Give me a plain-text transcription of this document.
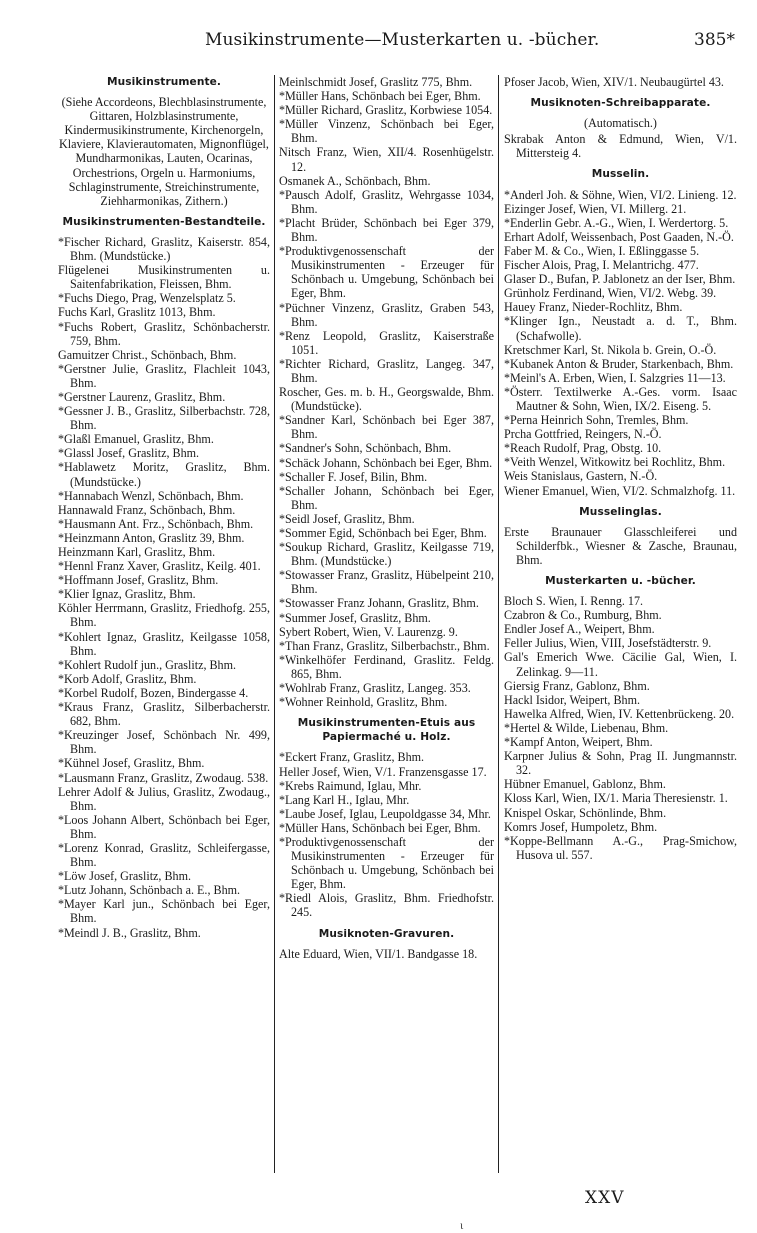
Musikinstrumente—Musterkarten u. -bücher.	385*
Musikinstrumente.
(Siehe Accordeons, Blechblasinstrumente, Gittaren, Holzblasinstrumente, Kindermusikinstrumente, Kirchenorgeln, Klaviere, Klavierautomaten, Mignonflügel, Mundharmonikas, Lauten, Ocarinas, Orchestrions, Orgeln u. Harmoniums, Schlaginstrumente, Streichinstrumente, Ziehharmonikas, Zithern.)
Musikinstrumenten-Bestandteile.
*Fischer Richard, Graslitz, Kaiserstr. 854, Bhm. (Mundstücke.)
Flügelenei Musikinstrumenten u. Saitenfabrikation, Fleissen, Bhm.
*Fuchs Diego, Prag, Wenzelsplatz 5.
Fuchs Karl, Graslitz 1013, Bhm.
*Fuchs Robert, Graslitz, Schönbacherstr. 759, Bhm.
Gamuitzer Christ., Schönbach, Bhm.
*Gerstner Julie, Graslitz, Flachleit 1043, Bhm.
*Gerstner Laurenz, Graslitz, Bhm.
*Gessner J. B., Graslitz, Silberbachstr. 728, Bhm.
*Glaßl Emanuel, Graslitz, Bhm.
*Glassl Josef, Graslitz, Bhm.
*Hablawetz Moritz, Graslitz, Bhm. (Mundstücke.)
*Hannabach Wenzl, Schönbach, Bhm.
Hannawald Franz, Schönbach, Bhm.
*Hausmann Ant. Frz., Schönbach, Bhm.
*Heinzmann Anton, Graslitz 39, Bhm.
Heinzmann Karl, Graslitz, Bhm.
*Hennl Franz Xaver, Graslitz, Keilg. 401.
*Hoffmann Josef, Graslitz, Bhm.
*Klier Ignaz, Graslitz, Bhm.
Köhler Herrmann, Graslitz, Friedhofg. 255, Bhm.
*Kohlert Ignaz, Graslitz, Keilgasse 1058, Bhm.
*Kohlert Rudolf jun., Graslitz, Bhm.
*Korb Adolf, Graslitz, Bhm.
*Korbel Rudolf, Bozen, Bindergasse 4.
*Kraus Franz, Graslitz, Silberbacherstr. 682, Bhm.
*Kreuzinger Josef, Schönbach Nr. 499, Bhm.
*Kühnel Josef, Graslitz, Bhm.
*Lausmann Franz, Graslitz, Zwodaug. 538.
Lehrer Adolf & Julius, Graslitz, Zwodaug., Bhm.
*Loos Johann Albert, Schönbach bei Eger, Bhm.
*Lorenz Konrad, Graslitz, Schleifergasse, Bhm.
*Löw Josef, Graslitz, Bhm.
*Lutz Johann, Schönbach a. E., Bhm.
*Mayer Karl jun., Schönbach bei Eger, Bhm.
*Meindl J. B., Graslitz, Bhm.
Meinlschmidt Josef, Graslitz 775, Bhm.
*Müller Hans, Schönbach bei Eger, Bhm.
*Müller Richard, Graslitz, Korbwiese 1054.
*Müller Vinzenz, Schönbach bei Eger, Bhm.
Nitsch Franz, Wien, XII/4. Rosenhügelstr. 12.
Osmanek A., Schönbach, Bhm.
*Pausch Adolf, Graslitz, Wehrgasse 1034, Bhm.
*Placht Brüder, Schönbach bei Eger 379, Bhm.
*Produktivgenossenschaft der Musikinstrumenten - Erzeuger für Schönbach u. Umgebung, Schönbach bei Eger, Bhm.
*Püchner Vinzenz, Graslitz, Graben 543, Bhm.
*Renz Leopold, Graslitz, Kaiserstraße 1051.
*Richter Richard, Graslitz, Langeg. 347, Bhm.
Roscher, Ges. m. b. H., Georgswalde, Bhm. (Mundstücke).
*Sandner Karl, Schönbach bei Eger 387, Bhm.
*Sandner's Sohn, Schönbach, Bhm.
*Schäck Johann, Schönbach bei Eger, Bhm.
*Schaller F. Josef, Bilin, Bhm.
*Schaller Johann, Schönbach bei Eger, Bhm.
*Seidl Josef, Graslitz, Bhm.
*Sommer Egid, Schönbach bei Eger, Bhm.
*Soukup Richard, Graslitz, Keilgasse 719, Bhm. (Mundstücke.)
*Stowasser Franz, Graslitz, Hübelpeint 210, Bhm.
*Stowasser Franz Johann, Graslitz, Bhm.
*Summer Josef, Graslitz, Bhm.
Sybert Robert, Wien, V. Laurenzg. 9.
*Than Franz, Graslitz, Silberbachstr., Bhm.
*Winkelhöfer Ferdinand, Graslitz. Feldg. 865, Bhm.
*Wohlrab Franz, Graslitz, Langeg. 353.
*Wohner Reinhold, Graslitz, Bhm.
Musikinstrumenten-Etuis aus Papiermaché u. Holz.
*Eckert Franz, Graslitz, Bhm.
Heller Josef, Wien, V/1. Franzensgasse 17.
*Krebs Raimund, Iglau, Mhr.
*Lang Karl H., Iglau, Mhr.
*Laube Josef, Iglau, Leupoldgasse 34, Mhr.
*Müller Hans, Schönbach bei Eger, Bhm.
*Produktivgenossenschaft der Musikinstrumenten - Erzeuger für Schönbach u. Umgebung, Schönbach bei Eger, Bhm.
*Riedl Alois, Graslitz, Bhm. Friedhofstr. 245.
Musiknoten-Gravuren.
Alte Eduard, Wien, VII/1. Bandgasse 18.
Pfoser Jacob, Wien, XIV/1. Neubaugürtel 43.
Musiknoten-Schreibapparate.
(Automatisch.)
Skrabak Anton & Edmund, Wien, V/1. Mittersteig 4.
Musselin.
*Anderl Joh. & Söhne, Wien, VI/2. Linieng. 12.
Eizinger Josef, Wien, VI. Millerg. 21.
*Enderlin Gebr. A.-G., Wien, I. Werdertorg. 5.
Erhart Adolf, Weissenbach, Post Gaaden, N.-Ö.
Faber M. & Co., Wien, I. Eßlinggasse 5.
Fischer Alois, Prag, I. Melantrichg. 477.
Glaser D., Bufan, P. Jablonetz an der Iser, Bhm.
Grünholz Ferdinand, Wien, VI/2. Webg. 39.
Hauey Franz, Nieder-Rochlitz, Bhm.
*Klinger Ign., Neustadt a. d. T., Bhm. (Schafwolle).
Kretschmer Karl, St. Nikola b. Grein, O.-Ö.
*Kubanek Anton & Bruder, Starkenbach, Bhm.
*Meinl's A. Erben, Wien, I. Salzgries 11—13.
*Österr. Textilwerke A.-Ges. vorm. Isaac Mautner & Sohn, Wien, IX/2. Eiseng. 5.
*Perna Heinrich Sohn, Tremles, Bhm.
Prcha Gottfried, Reingers, N.-Ö.
*Reach Rudolf, Prag, Obstg. 10.
*Veith Wenzel, Witkowitz bei Rochlitz, Bhm.
Weis Stanislaus, Gastern, N.-Ö.
Wiener Emanuel, Wien, VI/2. Schmalzhofg. 11.
Musselinglas.
Erste Braunauer Glasschleiferei und Schilderfbk., Wiesner & Zasche, Braunau, Bhm.
Musterkarten u. -bücher.
Bloch S. Wien, I. Renng. 17.
Czabron & Co., Rumburg, Bhm.
Endler Josef A., Weipert, Bhm.
Feller Julius, Wien, VIII, Josefstädterstr. 9.
Gal's Emerich Wwe. Cäcilie Gal, Wien, I. Zelinkag. 9—11.
Giersig Franz, Gablonz, Bhm.
Hackl Isidor, Weipert, Bhm.
Hawelka Alfred, Wien, IV. Kettenbrückeng. 20.
*Hertel & Wilde, Liebenau, Bhm.
*Kampf Anton, Weipert, Bhm.
Karpner Julius & Sohn, Prag II. Jungmannstr. 32.
Hübner Emanuel, Gablonz, Bhm.
Kloss Karl, Wien, IX/1. Maria Theresienstr. 1.
Knispel Oskar, Schönlinde, Bhm.
Komrs Josef, Humpoletz, Bhm.
*Koppe-Bellmann A.-G., Prag-Smichow, Husova ul. 557.
XXV
ι
